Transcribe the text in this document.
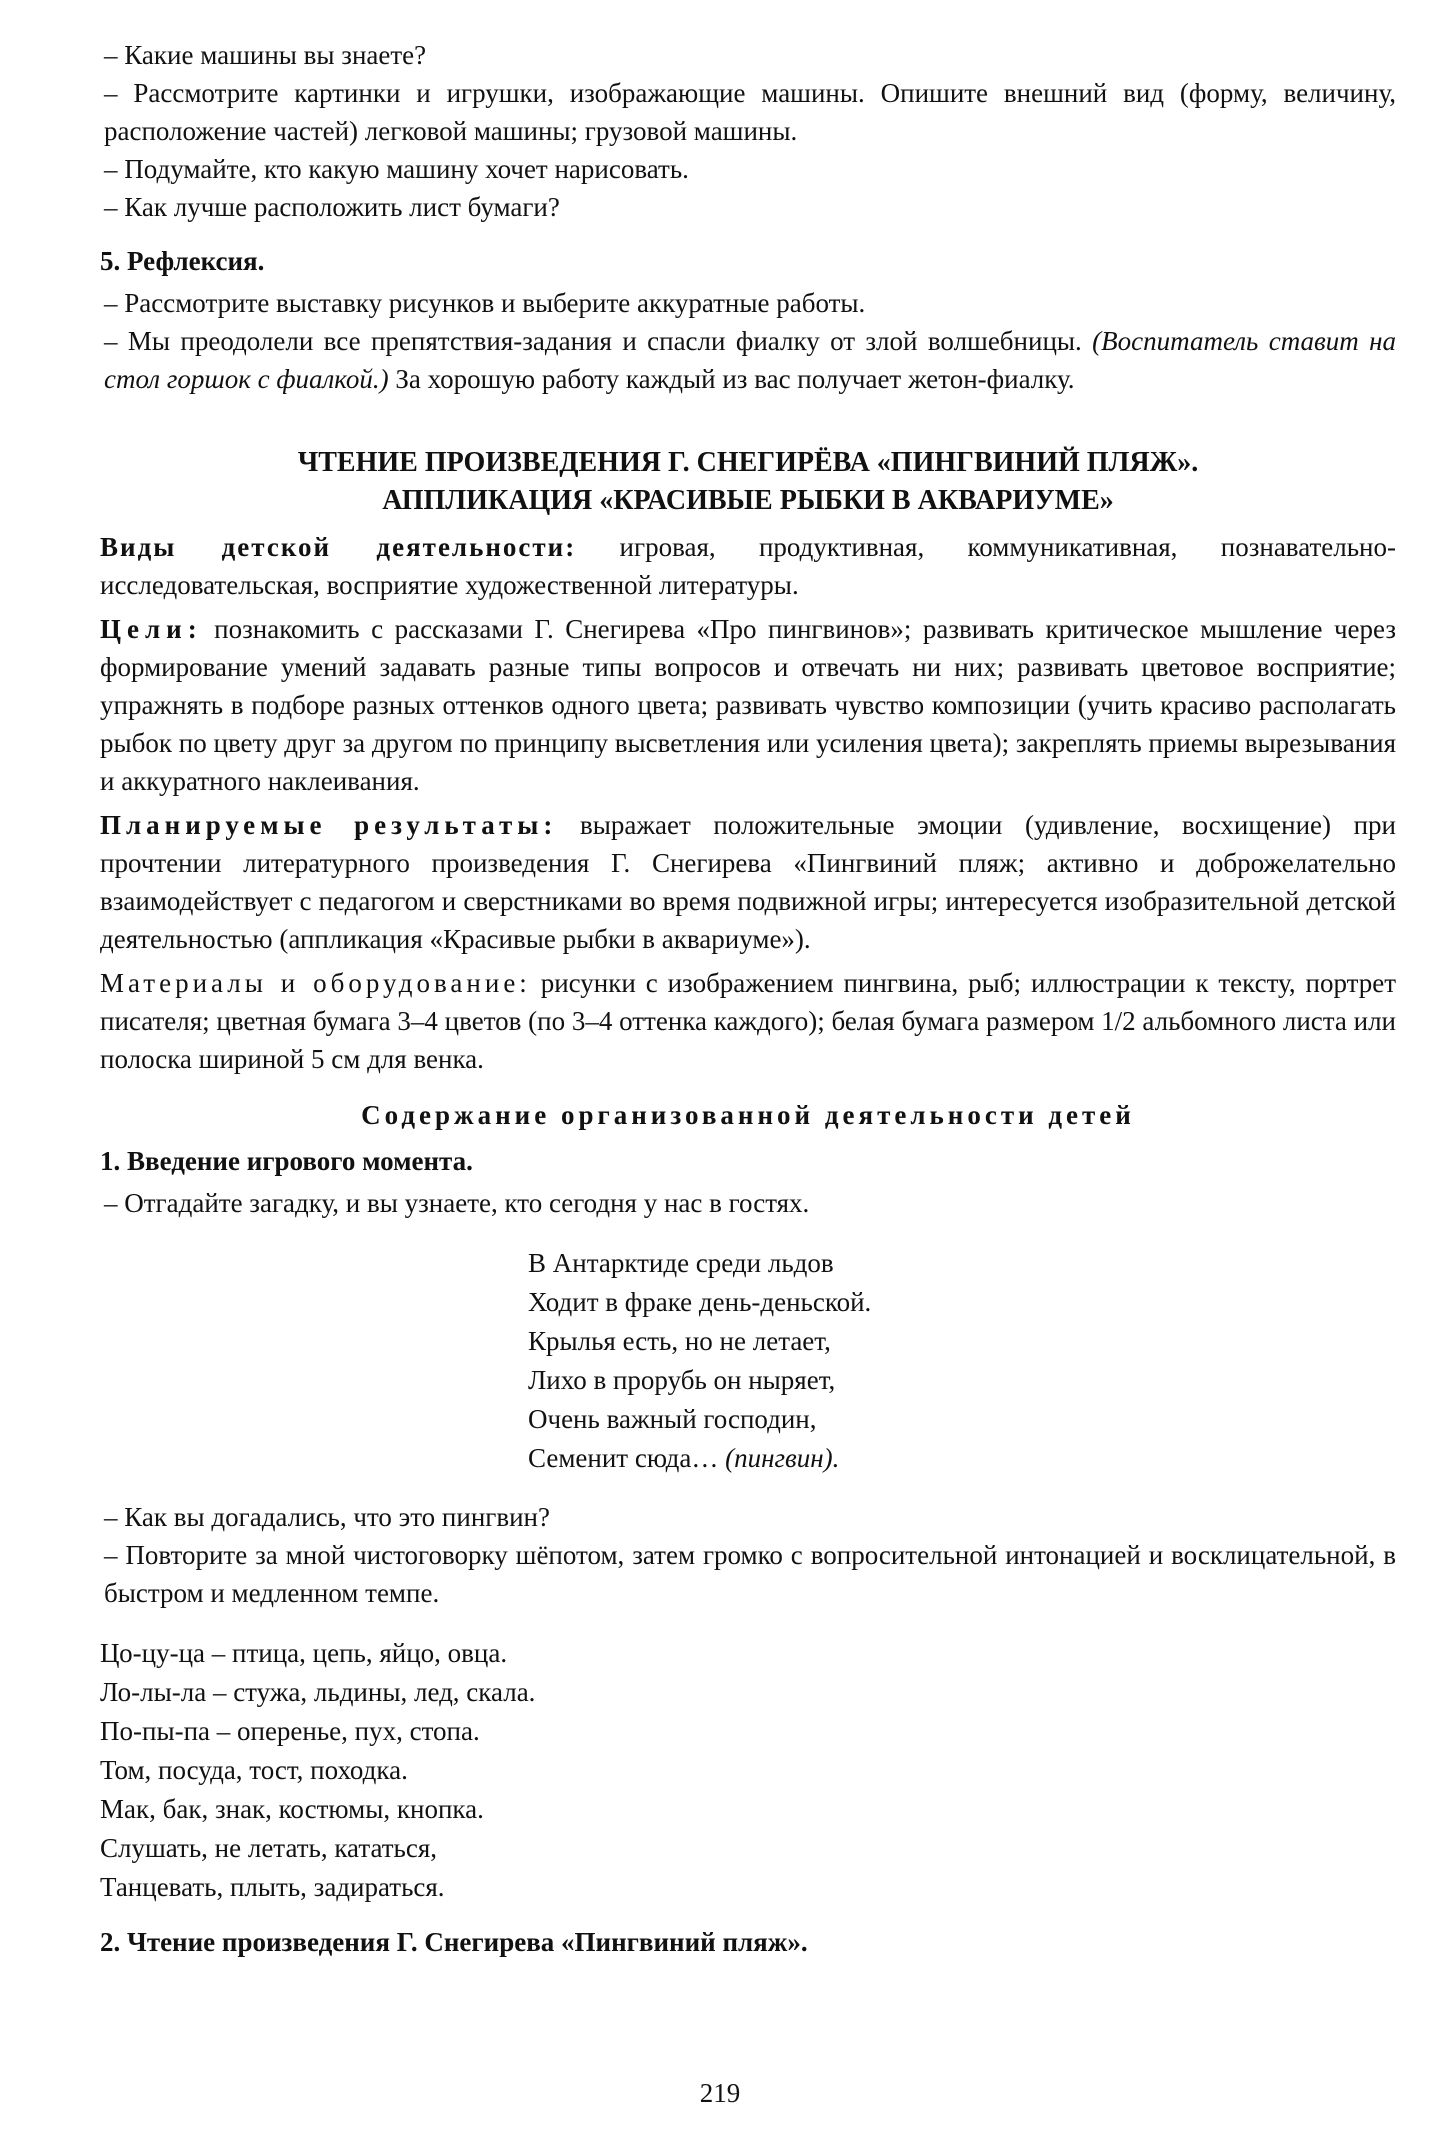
– Какие машины вы знаете?

– Рассмотрите картинки и игрушки, изображающие машины. Опишите внешний вид (форму, величину, расположение частей) легковой машины; грузовой машины.

– Подумайте, кто какую машину хочет нарисовать.

– Как лучше расположить лист бумаги?

5. Рефлексия.

– Рассмотрите выставку рисунков и выберите аккуратные работы.

– Мы преодолели все препятствия-задания и спасли фиалку от злой волшебницы. (Воспитатель ставит на стол горшок с фиалкой.) За хорошую работу каждый из вас получает жетон-фиалку.

ЧТЕНИЕ ПРОИЗВЕДЕНИЯ Г. СНЕГИРЁВА «ПИНГВИНИЙ ПЛЯЖ».
АППЛИКАЦИЯ «КРАСИВЫЕ РЫБКИ В АКВАРИУМЕ»

Виды детской деятельности: игровая, продуктивная, коммуникативная, познавательно-исследовательская, восприятие художественной литературы.

Цели: познакомить с рассказами Г. Снегирева «Про пингвинов»; развивать критическое мышление через формирование умений задавать разные типы вопросов и отвечать ни них; развивать цветовое восприятие; упражнять в подборе разных оттенков одного цвета; развивать чувство композиции (учить красиво располагать рыбок по цвету друг за другом по принципу высветления или усиления цвета); закреплять приемы вырезывания и аккуратного наклеивания.

Планируемые результаты: выражает положительные эмоции (удивление, восхищение) при прочтении литературного произведения Г. Снегирева «Пингвиний пляж; активно и доброжелательно взаимодействует с педагогом и сверстниками во время подвижной игры; интересуется изобразительной детской деятельностью (аппликация «Красивые рыбки в аквариуме»).

Материалы и оборудование: рисунки с изображением пингвина, рыб; иллюстрации к тексту, портрет писателя; цветная бумага 3–4 цветов (по 3–4 оттенка каждого); белая бумага размером 1/2 альбомного листа или полоска шириной 5 см для венка.

Содержание организованной деятельности детей

1. Введение игрового момента.

– Отгадайте загадку, и вы узнаете, кто сегодня у нас в гостях.

В Антарктиде среди льдов
Ходит в фраке день-деньской.
Крылья есть, но не летает,
Лихо в прорубь он ныряет,
Очень важный господин,
Семенит сюда… (пингвин).

– Как вы догадались, что это пингвин?

– Повторите за мной чистоговорку шёпотом, затем громко с вопросительной интонацией и восклицательной, в быстром и медленном темпе.

Цо-цу-ца – птица, цепь, яйцо, овца.
Ло-лы-ла – стужа, льдины, лед, скала.
По-пы-па – оперенье, пух, стопа.
Том, посуда, тост, походка.
Мак, бак, знак, костюмы, кнопка.
Слушать, не летать, кататься,
Танцевать, плыть, задираться.

2. Чтение произведения Г. Снегирева «Пингвиний пляж».

219
